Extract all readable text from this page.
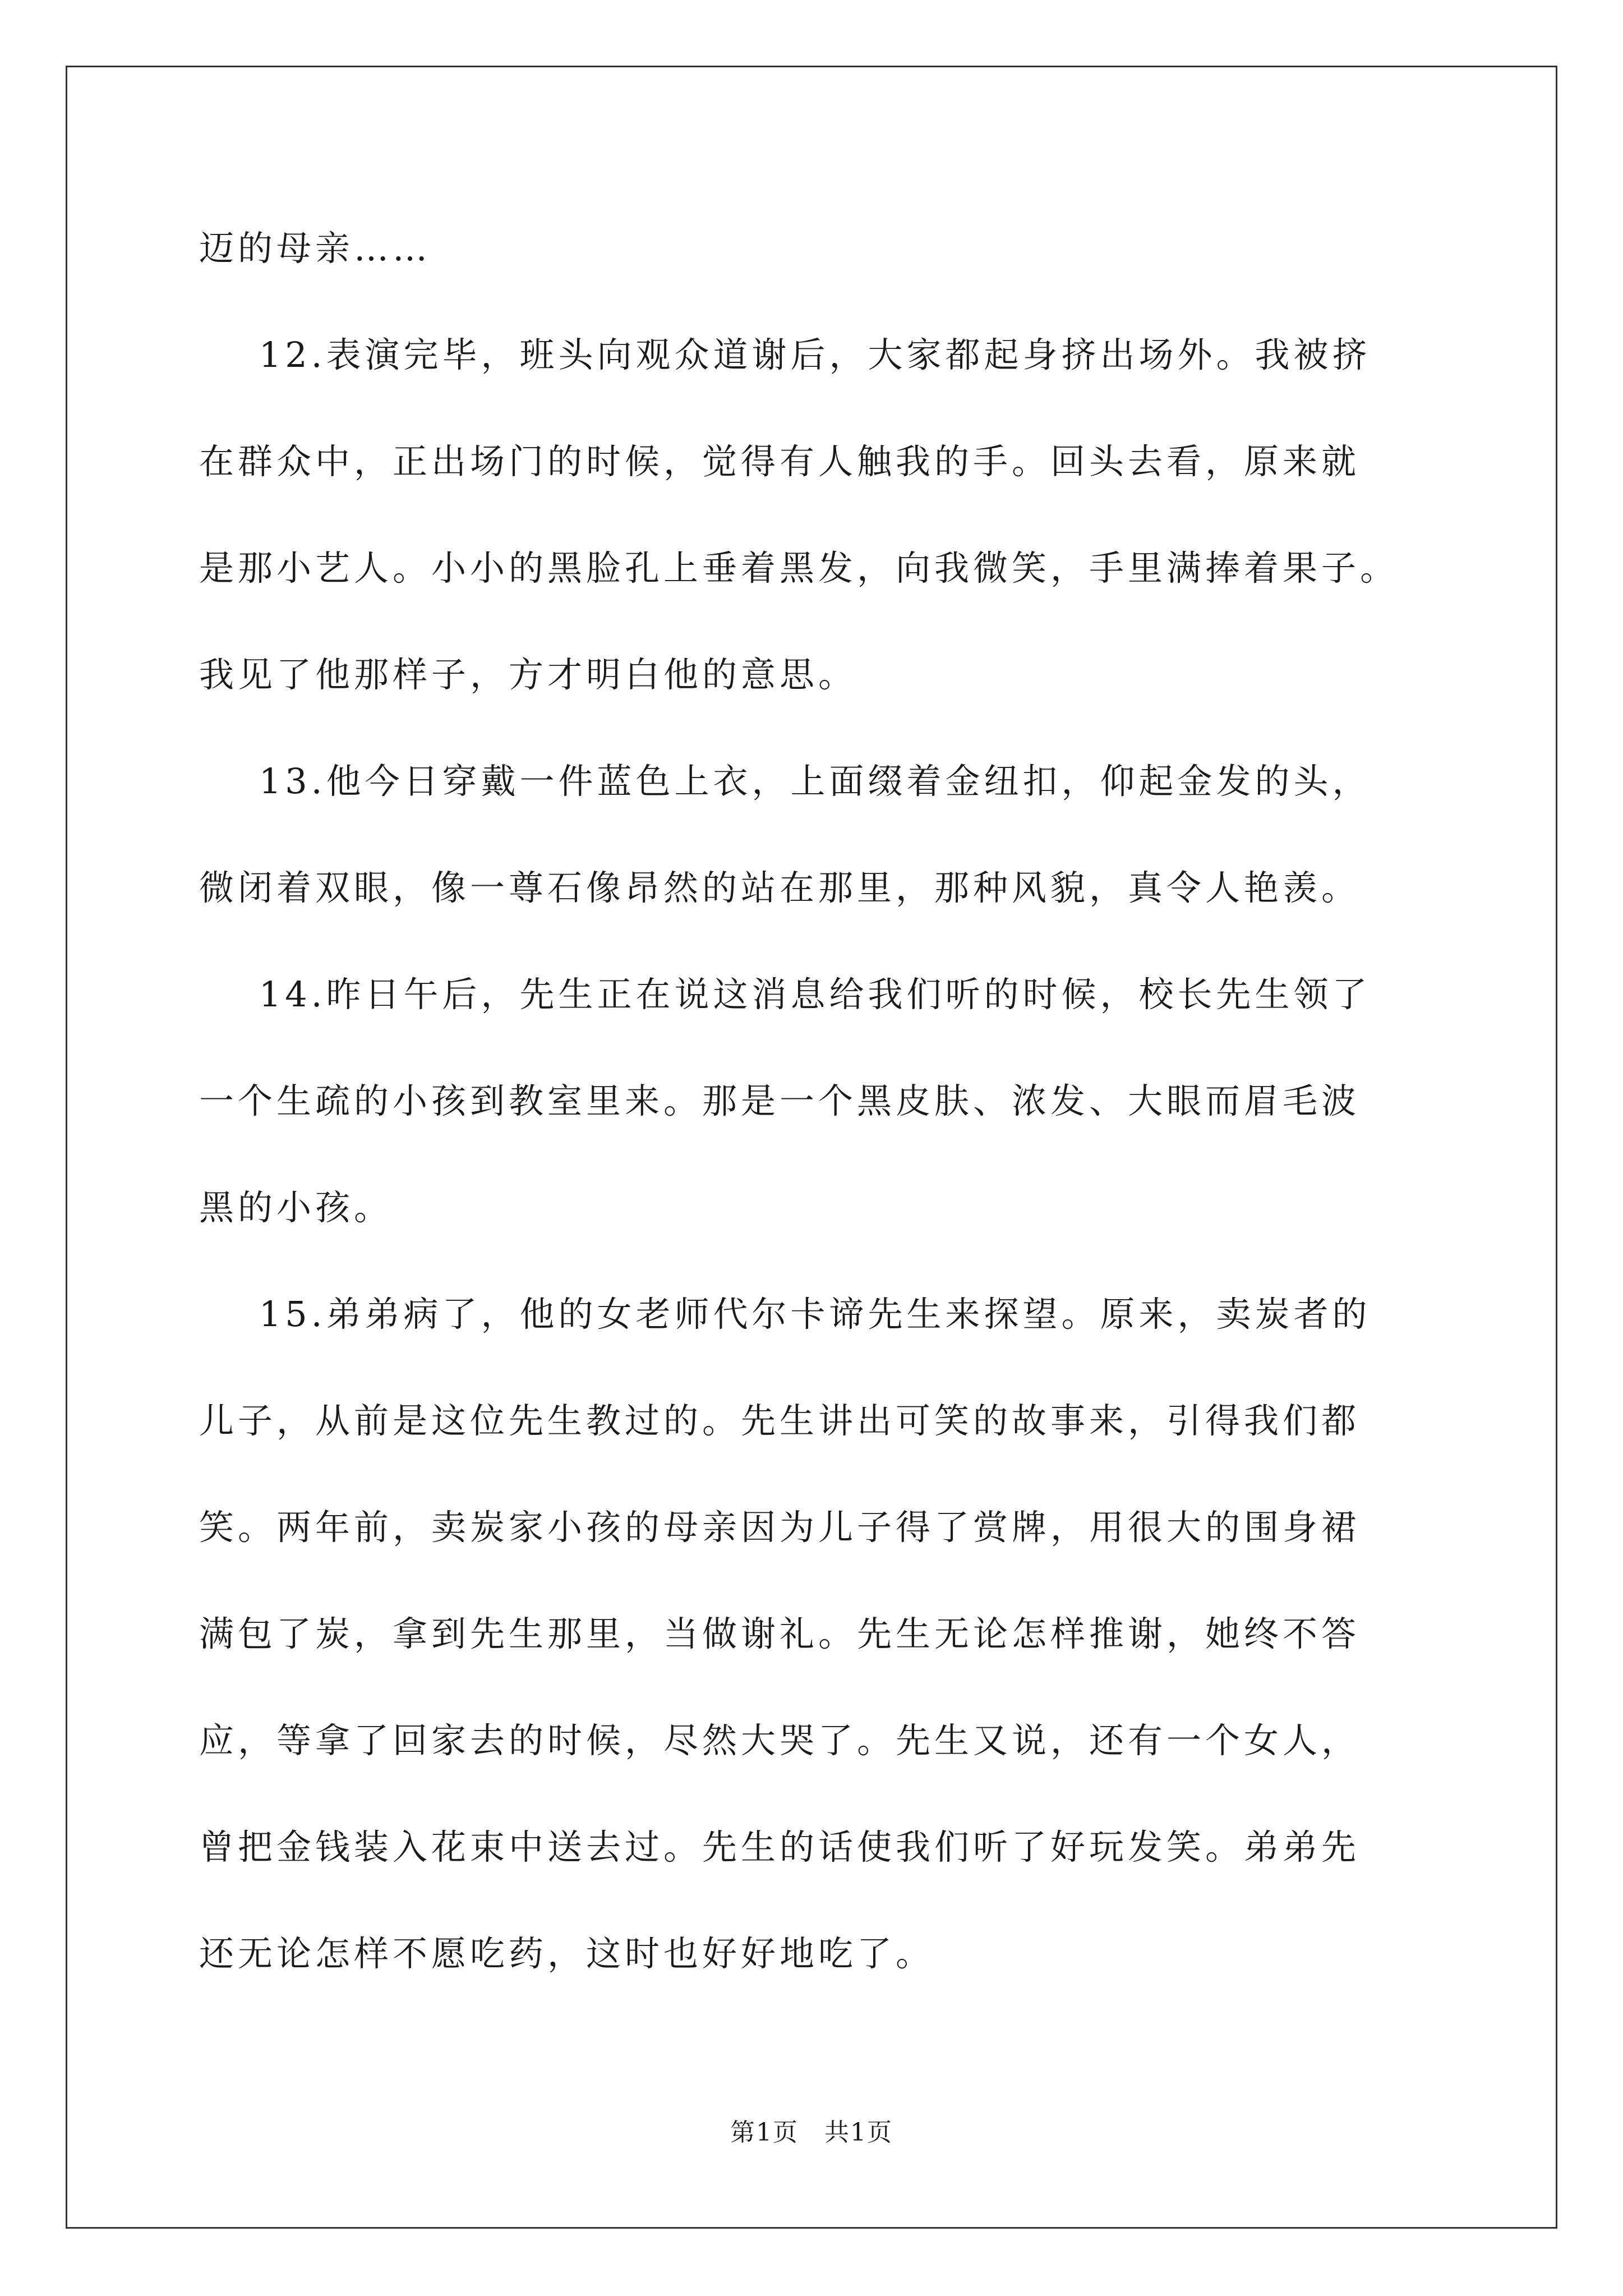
迈的母亲……
12.表演完毕，班头向观众道谢后，大家都起身挤出场外。我被挤
在群众中，正出场门的时候，觉得有人触我的手。回头去看，原来就
是那小艺人。小小的黑脸孔上垂着黑发，向我微笑，手里满捧着果子。
我见了他那样子，方才明白他的意思。
13.他今日穿戴一件蓝色上衣，上面缀着金纽扣，仰起金发的头，
微闭着双眼，像一尊石像昂然的站在那里，那种风貌，真令人艳羡。
14.昨日午后，先生正在说这消息给我们听的时候，校长先生领了
一个生疏的小孩到教室里来。那是一个黑皮肤、浓发、大眼而眉毛波
黑的小孩。
15.弟弟病了，他的女老师代尔卡谛先生来探望。原来，卖炭者的
儿子，从前是这位先生教过的。先生讲出可笑的故事来，引得我们都
笑。两年前，卖炭家小孩的母亲因为儿子得了赏牌，用很大的围身裙
满包了炭，拿到先生那里，当做谢礼。先生无论怎样推谢，她终不答
应，等拿了回家去的时候，尽然大哭了。先生又说，还有一个女人，
曾把金钱装入花束中送去过。先生的话使我们听了好玩发笑。弟弟先
还无论怎样不愿吃药，这时也好好地吃了。
第1页　共1页
